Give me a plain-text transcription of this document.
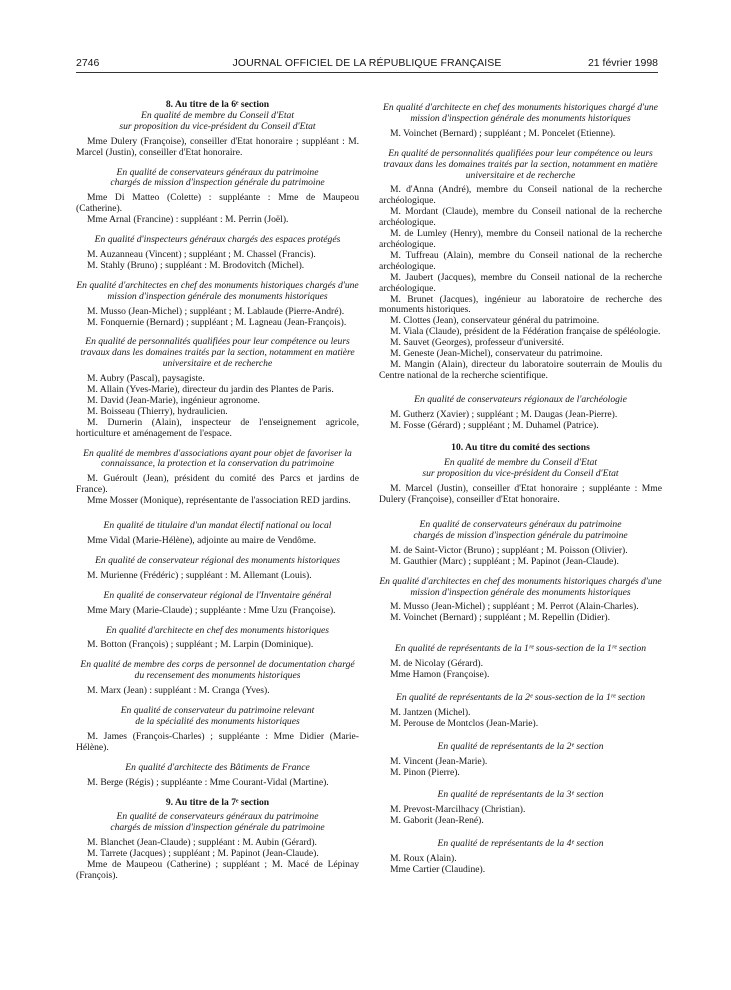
2746	JOURNAL OFFICIEL DE LA RÉPUBLIQUE FRANÇAISE	21 février 1998
8. Au titre de la 6ᵉ section
En qualité de membre du Conseil d'Etat
sur proposition du vice-président du Conseil d'Etat

Mme Dulery (Françoise), conseiller d'Etat honoraire ; suppléant : M. Marcel (Justin), conseiller d'Etat honoraire.

En qualité de conservateurs généraux du patrimoine
chargés de mission d'inspection générale du patrimoine

Mme Di Matteo (Colette) : suppléante : Mme de Maupeou (Catherine).

Mme Arnal (Francine) : suppléant : M. Perrin (Joël).

En qualité d'inspecteurs généraux chargés des espaces protégés

M. Auzanneau (Vincent) ; suppléant ; M. Chassel (Francis).

M. Stahly (Bruno) ; suppléant : M. Brodovitch (Michel).

En qualité d'architectes en chef des monuments historiques chargés d'une mission d'inspection générale des monuments historiques

M. Musso (Jean-Michel) ; suppléant ; M. Lablaude (Pierre-André).

M. Fonquernie (Bernard) ; suppléant ; M. Lagneau (Jean-François).

En qualité de personnalités qualifiées pour leur compétence ou leurs travaux dans les domaines traités par la section, notamment en matière universitaire et de recherche

M. Aubry (Pascal), paysagiste.

M. Allain (Yves-Marie), directeur du jardin des Plantes de Paris.

M. David (Jean-Marie), ingénieur agronome.

M. Boisseau (Thierry), hydraulicien.

M. Durnerin (Alain), inspecteur de l'enseignement agricole, horticulture et aménagement de l'espace.

En qualité de membres d'associations ayant pour objet de favoriser la connaissance, la protection et la conservation du patrimoine

M. Guéroult (Jean), président du comité des Parcs et jardins de France).

Mme Mosser (Monique), représentante de l'association RED jardins.

En qualité de titulaire d'un mandat électif national ou local

Mme Vidal (Marie-Hélène), adjointe au maire de Vendôme.

En qualité de conservateur régional des monuments historiques

M. Murienne (Frédéric) ; suppléant : M. Allemant (Louis).

En qualité de conservateur régional de l'Inventaire général

Mme Mary (Marie-Claude) ; suppléante : Mme Uzu (Françoise).

En qualité d'architecte en chef des monuments historiques

M. Botton (François) ; suppléant ; M. Larpin (Dominique).

En qualité de membre des corps de personnel de documentation chargé du recensement des monuments historiques

M. Marx (Jean) : suppléant : M. Cranga (Yves).

En qualité de conservateur du patrimoine relevant
de la spécialité des monuments historiques

M. James (François-Charles) ; suppléante : Mme Didier (Marie-Hélène).

En qualité d'architecte des Bâtiments de France

M. Berge (Régis) ; suppléante : Mme Courant-Vidal (Martine).

9. Au titre de la 7ᵉ section
En qualité de conservateurs généraux du patrimoine
chargés de mission d'inspection générale du patrimoine

M. Blanchet (Jean-Claude) ; suppléant : M. Aubin (Gérard).

M. Tarrete (Jacques) ; suppléant ; M. Papinot (Jean-Claude).

Mme de Maupeou (Catherine) ; suppléant ; M. Macé de Lépinay (François).

En qualité d'architecte en chef des monuments historiques chargé d'une mission d'inspection générale des monuments historiques

M. Voinchet (Bernard) ; suppléant ; M. Poncelet (Etienne).

En qualité de personnalités qualifiées pour leur compétence ou leurs travaux dans les domaines traités par la section, notamment en matière universitaire et de recherche

M. d'Anna (André), membre du Conseil national de la recherche archéologique.

M. Mordant (Claude), membre du Conseil national de la recherche archéologique.

M. de Lumley (Henry), membre du Conseil national de la recherche archéologique.

M. Tuffreau (Alain), membre du Conseil national de la recherche archéologique.

M. Jaubert (Jacques), membre du Conseil national de la recherche archéologique.

M. Brunet (Jacques), ingénieur au laboratoire de recherche des monuments historiques.

M. Clottes (Jean), conservateur général du patrimoine.

M. Viala (Claude), président de la Fédération française de spéléologie.

M. Sauvet (Georges), professeur d'université.

M. Geneste (Jean-Michel), conservateur du patrimoine.

M. Mangin (Alain), directeur du laboratoire souterrain de Moulis du Centre national de la recherche scientifique.

En qualité de conservateurs régionaux de l'archéologie

M. Gutherz (Xavier) ; suppléant ; M. Daugas (Jean-Pierre).

M. Fosse (Gérard) ; suppléant ; M. Duhamel (Patrice).

10. Au titre du comité des sections
En qualité de membre du Conseil d'Etat
sur proposition du vice-président du Conseil d'Etat

M. Marcel (Justin), conseiller d'Etat honoraire ; suppléante : Mme Dulery (Françoise), conseiller d'Etat honoraire.

En qualité de conservateurs généraux du patrimoine
chargés de mission d'inspection générale du patrimoine

M. de Saint-Victor (Bruno) ; suppléant ; M. Poisson (Olivier).

M. Gauthier (Marc) ; suppléant ; M. Papinot (Jean-Claude).

En qualité d'architectes en chef des monuments historiques chargés d'une mission d'inspection générale des monuments historiques

M. Musso (Jean-Michel) ; suppléant ; M. Perrot (Alain-Charles).

M. Voinchet (Bernard) ; suppléant ; M. Repellin (Didier).

En qualité de représentants de la 1ʳᵉ sous-section de la 1ʳᵉ section

M. de Nicolay (Gérard).

Mme Hamon (Françoise).

En qualité de représentants de la 2ᵉ sous-section de la 1ʳᵉ section

M. Jantzen (Michel).

M. Perouse de Montclos (Jean-Marie).

En qualité de représentants de la 2ᵉ section

M. Vincent (Jean-Marie).

M. Pinon (Pierre).

En qualité de représentants de la 3ᵉ section

M. Prevost-Marcilhacy (Christian).

M. Gaborit (Jean-René).

En qualité de représentants de la 4ᵉ section

M. Roux (Alain).

Mme Cartier (Claudine).
